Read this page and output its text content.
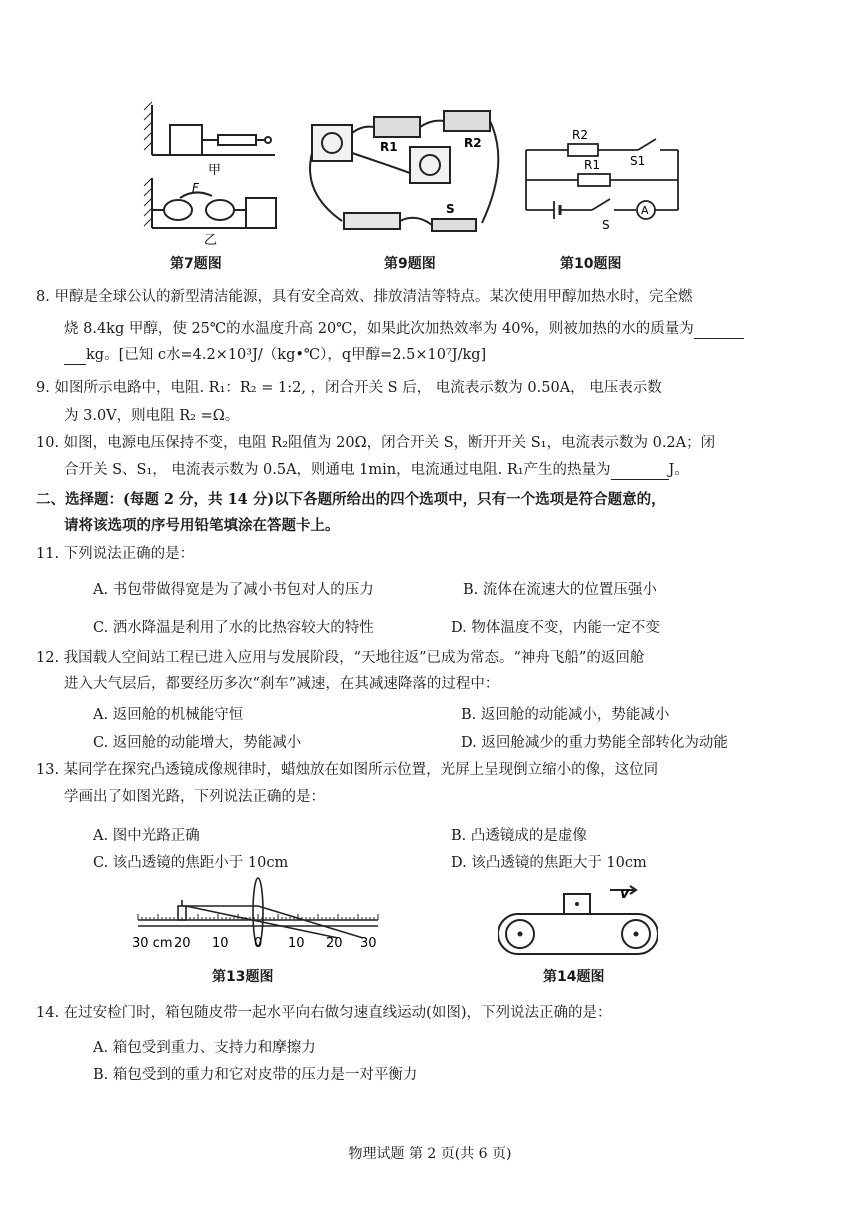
甲
F
乙
第7题图
R1	R2
S
第9题图
R2
R1	S1
S
A
第10题图
8. 甲醇是全球公认的新型清洁能源，具有安全高效、排放清洁等特点。某次使用甲醇加热水时，完全燃
烧 8.4kg 甲醇，使 25℃的水温度升高 20℃，如果此次加热效率为 40%，则被加热的水的质量为
kg。[已知 c水=4.2×10³J/（kg•℃），q甲醇=2.5×10⁷J/kg]
9. 如图所示电路中，电阻. R₁：R₂ = 1:2, ，闭合开关 S 后， 电流表示数为 0.50A， 电压表示数
为 3.0V，则电阻 R₂ =Ω。
10. 如图，电源电压保持不变，电阻 R₂阻值为 20Ω，闭合开关 S，断开开关 S₁，电流表示数为 0.2A；闭
合开关 S、S₁， 电流表示数为 0.5A，则通电 1min，电流通过电阻. R₁产生的热量为	J。
二、选择题：(每题 2 分，共 14 分)以下各题所给出的四个选项中，只有一个选项是符合题意的，
请将该选项的序号用铅笔填涂在答题卡上。
11. 下列说法正确的是：
A. 书包带做得宽是为了减小书包对人的压力	B. 流体在流速大的位置压强小
C. 洒水降温是利用了水的比热容较大的特性	D. 物体温度不变，内能一定不变
12. 我国载人空间站工程已进入应用与发展阶段，“天地往返”已成为常态。“神舟飞船”的返回舱
进入大气层后，都要经历多次“刹车”减速，在其减速降落的过程中：
A. 返回舱的机械能守恒	B. 返回舱的动能减小，势能减小
C. 返回舱的动能增大，势能减小	D. 返回舱减少的重力势能全部转化为动能
13. 某同学在探究凸透镜成像规律时，蜡烛放在如图所示位置，光屏上呈现倒立缩小的像，这位同
学画出了如图光路，下列说法正确的是：
A. 图中光路正确	B. 凸透镜成的是虚像
C. 该凸透镜的焦距小于 10cm	D. 该凸透镜的焦距大于 10cm
30 cm 20 10 0 10 20 30
第13题图
v
第14题图
14. 在过安检门时，箱包随皮带一起水平向右做匀速直线运动(如图)，下列说法正确的是：
A. 箱包受到重力、支持力和摩擦力
B. 箱包受到的重力和它对皮带的压力是一对平衡力
物理试题 第 2 页(共 6 页)
